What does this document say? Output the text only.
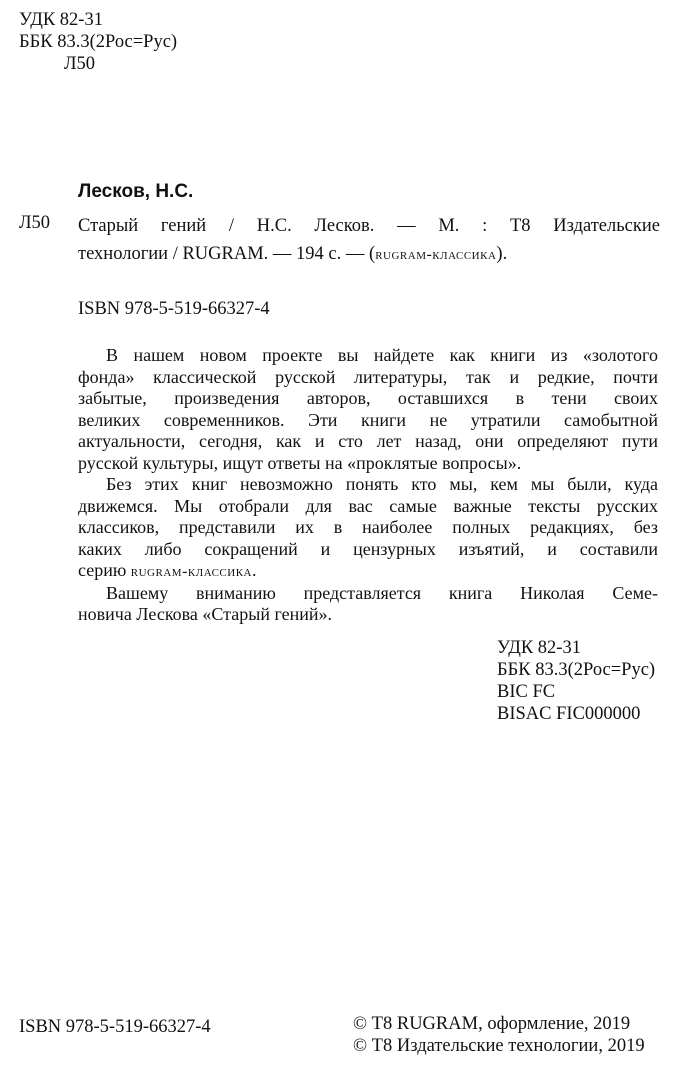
УДК 82-31
ББК 83.3(2Рос=Рус)
Л50
Лесков, Н.С.
Л50 Старый гений / Н.С. Лесков. — М. : Т8 Издательские
технологии / RUGRAM. — 194 с. — (rugram-классика).
ISBN 978-5-519-66327-4

В нашем новом проекте вы найдете как книги из «золотого
фонда» классической русской литературы, так и редкие, почти
забытые, произведения авторов, оставшихся в тени своих
великих современников. Эти книги не утратили самобытной
актуальности, сегодня, как и сто лет назад, они определяют пути
русской культуры, ищут ответы на «проклятые вопросы».

Без этих книг невозможно понять кто мы, кем мы были, куда
движемся. Мы отобрали для вас самые важные тексты русских
классиков, представили их в наиболее полных редакциях, без
каких либо сокращений и цензурных изъятий, и составили
серию rugram-классика.

Вашему вниманию представляется книга Николая Семе-
новича Лескова «Старый гений».

УДК 82-31
ББК 83.3(2Рос=Рус)
BIC FC
BISAC FIC000000
ISBN 978-5-519-66327-4	© Т8 RUGRAM, оформление, 2019
© Т8 Издательские технологии, 2019
